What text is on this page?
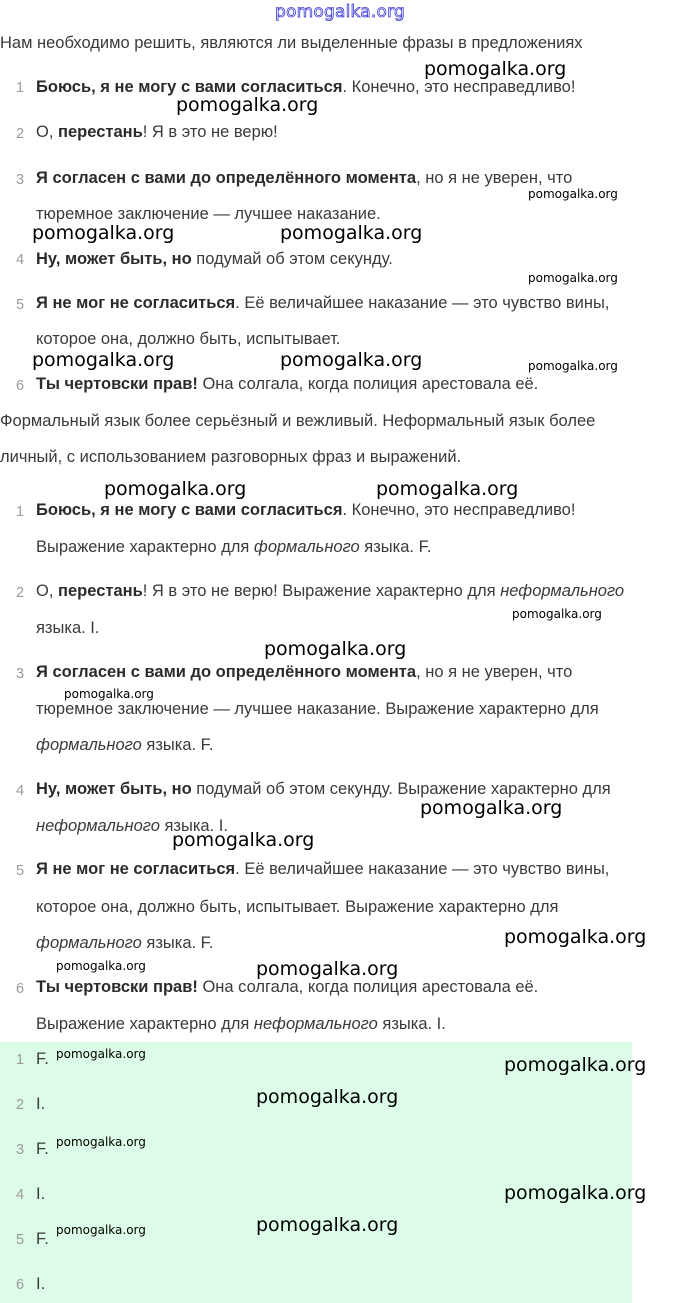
pomogalka.org
Нам необходимо решить, являются ли выделенные фразы в предложениях
1 Боюсь, я не могу с вами согласиться. Конечно, это несправедливо!
2 О, перестань! Я в это не верю!
3 Я согласен с вами до определённого момента, но я не уверен, что
тюремное заключение — лучшее наказание.
4 Ну, может быть, но подумай об этом секунду.
5 Я не мог не согласиться. Её величайшее наказание — это чувство вины,
которое она, должно быть, испытывает.
6 Ты чертовски прав! Она солгала, когда полиция арестовала её.
Формальный язык более серьёзный и вежливый. Неформальный язык более
личный, с использованием разговорных фраз и выражений.
1 Боюсь, я не могу с вами согласиться. Конечно, это несправедливо!
Выражение характерно для формального языка. F.
2 О, перестань! Я в это не верю! Выражение характерно для неформального
языка. I.
3 Я согласен с вами до определённого момента, но я не уверен, что
тюремное заключение — лучшее наказание. Выражение характерно для
формального языка. F.
4 Ну, может быть, но подумай об этом секунду. Выражение характерно для
неформального языка. I.
5 Я не мог не согласиться. Её величайшее наказание — это чувство вины,
которое она, должно быть, испытывает. Выражение характерно для
формального языка. F.
6 Ты чертовски прав! Она солгала, когда полиция арестовала её.
Выражение характерно для неформального языка. I.
1 F.
2 I.
3 F.
4 I.
5 F.
6 I.
pomogalka.org
pomogalka.org
pomogalka.org
pomogalka.org	pomogalka.org
pomogalka.org
pomogalka.org	pomogalka.org	pomogalka.org
pomogalka.org	pomogalka.org
pomogalka.org
pomogalka.org
pomogalka.org
pomogalka.org
pomogalka.org
pomogalka.org
pomogalka.org	pomogalka.org
pomogalka.org	pomogalka.org
pomogalka.org
pomogalka.org
pomogalka.org
pomogalka.org
pomogalka.org
